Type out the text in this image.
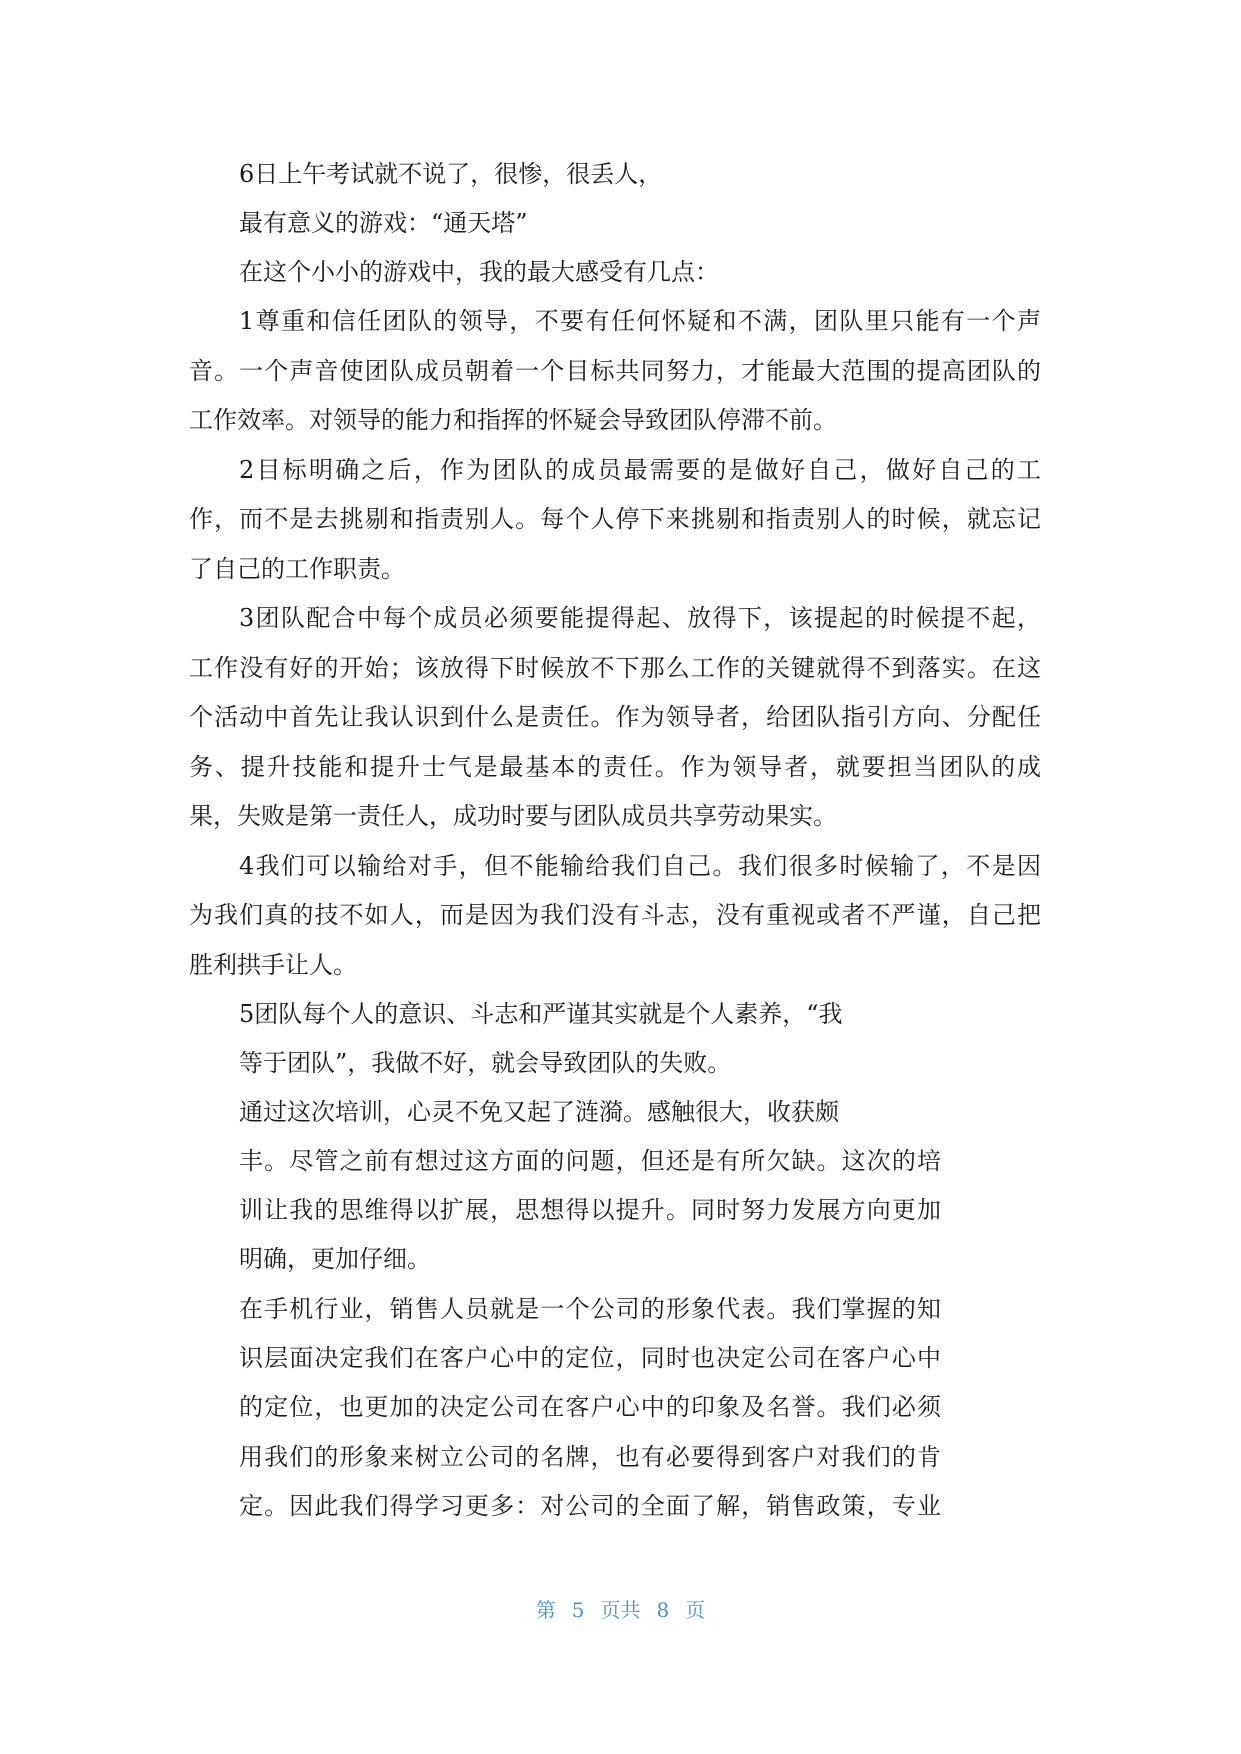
6日上午考试就不说了，很惨，很丢人，

最有意义的游戏：“通天塔”

在这个小小的游戏中，我的最大感受有几点：

1尊重和信任团队的领导，不要有任何怀疑和不满，团队里只能有一个声

音。一个声音使团队成员朝着一个目标共同努力，才能最大范围的提高团队的

工作效率。对领导的能力和指挥的怀疑会导致团队停滞不前。

2目标明确之后，作为团队的成员最需要的是做好自己，做好自己的工

作，而不是去挑剔和指责别人。每个人停下来挑剔和指责别人的时候，就忘记

了自己的工作职责。

3团队配合中每个成员必须要能提得起、放得下，该提起的时候提不起，

工作没有好的开始；该放得下时候放不下那么工作的关键就得不到落实。在这

个活动中首先让我认识到什么是责任。作为领导者，给团队指引方向、分配任

务、提升技能和提升士气是最基本的责任。作为领导者，就要担当团队的成

果，失败是第一责任人，成功时要与团队成员共享劳动果实。

4我们可以输给对手，但不能输给我们自己。我们很多时候输了，不是因

为我们真的技不如人，而是因为我们没有斗志，没有重视或者不严谨，自己把

胜利拱手让人。

5团队每个人的意识、斗志和严谨其实就是个人素养，“我

等于团队”，我做不好，就会导致团队的失败。

通过这次培训，心灵不免又起了涟漪。感触很大，收获颇

丰。尽管之前有想过这方面的问题，但还是有所欠缺。这次的培

训让我的思维得以扩展，思想得以提升。同时努力发展方向更加

明确，更加仔细。

在手机行业，销售人员就是一个公司的形象代表。我们掌握的知

识层面决定我们在客户心中的定位，同时也决定公司在客户心中

的定位，也更加的决定公司在客户心中的印象及名誉。我们必须

用我们的形象来树立公司的名牌，也有必要得到客户对我们的肯

定。因此我们得学习更多：对公司的全面了解，销售政策，专业

第 5 页共 8 页
